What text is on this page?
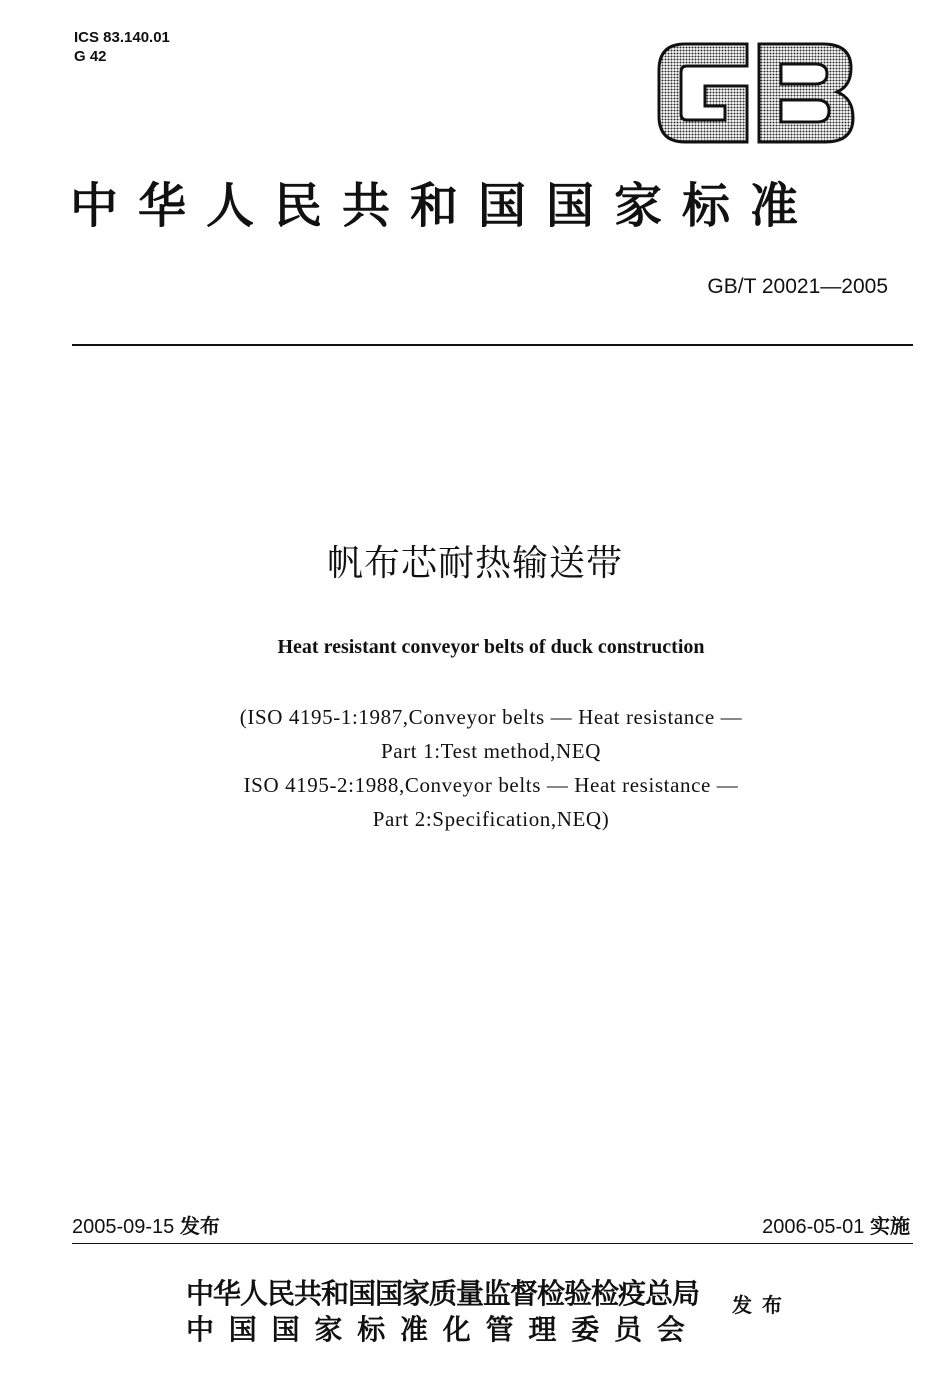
ICS 83.140.01
G 42
中华人民共和国国家标准
GB/T 20021—2005
帆布芯耐热输送带
Heat resistant conveyor belts of duck construction
(ISO 4195-1:1987,Conveyor belts — Heat resistance —
Part 1:Test method,NEQ
ISO 4195-2:1988,Conveyor belts — Heat resistance —
Part 2:Specification,NEQ)
2005-09-15 发布	2006-05-01 实施
中华人民共和国国家质量监督检验检疫总局
中国国家标准化管理委员会
发布
